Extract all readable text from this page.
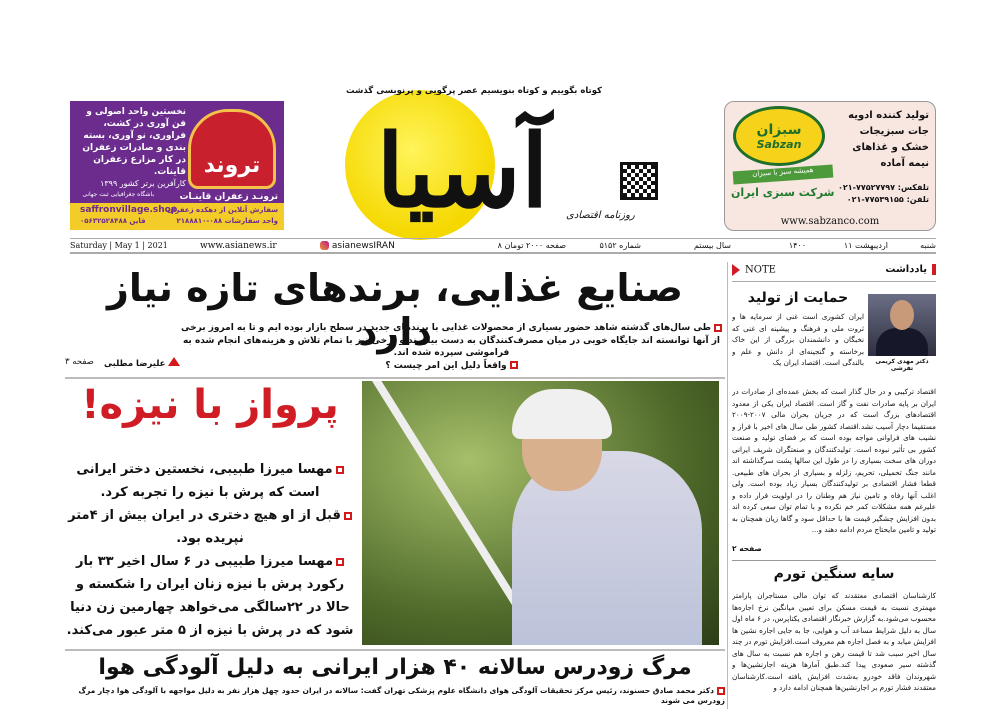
نخستین واحد اصولی و فن آوری در کشت، فراوری، نو آوری، بسته بندی و صادرات زعفران در کار مزارع زعفران قاینات.
کارآفرین برتر کشور ۱۳۹۹
تروند
ترونـد زعفران قاینـات
باشگاه جغرافیایی ثبت جهانی
سفارش آنلاین از دهکده زعفران
واحد سفارشات ۰۸۸-۲۱۸۸۸۱۰
saffronvillage.shop
قاین ۰۵۶۳۲۵۲۸۴۸۸
تولید کننده ادویه جات سبزیجات خشک و غذاهای نیمه آماده
سبزان
Sabzan
همیشه سبز با سبزان
شرکت سبزی ایران تلفکس: ۷۷۵۲۷۷۹۷-۰۲۱
تلفن: ۷۷۵۳۹۱۵۵-۰۲۱
www.sabzanco.com
آسیا
کوتاه بگوییم و کوتاه بنویسیم عصر پرگویی و پرنویسی گذشت
روزنامه اقتصادی
شنبه
۱۱ اردیبهشت
۱۴۰۰
سال بیستم
شماره ۵۱۵۲
۸ صفحه ۲۰۰۰ تومان
asianewsIRAN
www.asianews.ir
Saturday | May 1 | 2021
صنایع غذایی، برندهای تازه نیاز دارد
طی سال‌های گذشته شاهد حضور بسیاری از محصولات غذایی با برندهای جدید در سطح بازار بوده ایم و تا به امروز برخی از آنها توانسته اند جایگاه خوبی در میان مصرف‌کنندگان به دست بیاورند و برخی نیز با تمام تلاش و هزینه‌های انجام شده به فراموشی سپرده شده اند.
واقعاً دلیل این امر چیست ؟
علیرضا مطلبی
صفحه ۳
پرواز با نیزه!
مهسا میرزا طبیبی، نخستین دختر ایرانی است که پرش با نیزه را تجربه کرد.
قبل از او هیچ دختری در ایران بیش از ۴متر نپریده بود.
مهسا میرزا طبیبی در ۶ سال اخیر ۳۳ بار رکورد پرش با نیزه زنان ایران را شکسته و حالا در ۲۲سالگی می‌خواهد چهارمین زن دنیا شود که در پرش با نیزه از ۵ متر عبور می‌کند.
مرگ زودرس سالانه ۴۰ هزار ایرانی به دلیل آلودگی هوا
دکتر محمد صادق حسنوند، رئیس مرکز تحقیقات آلودگی هوای دانشگاه علوم پزشکی تهران گفت: سالانه در ایران حدود چهل هزار نفر به دلیل مواجهه با آلودگی هوا دچار مرگ زودرس می شوند
یادداشت
NOTE
حمایت از تولید
دکتر مهدی کریمی تفرشی
ایران کشوری است غنی از سرمایه ها و ثروت ملی و فرهنگ و پیشینه ای غنی که نخبگان و دانشمندان بزرگی از این خاک برخاسته و گنجینه‌ای از دانش و علم و بالندگی است. اقتصاد ایران یک
اقتصاد ترکیبی و در حال گذار است که بخش عمده‌ای از صادرات در ایران بر پایه صادرات نفت و گاز است. اقتصاد ایران یکی از معدود اقتصادهای بزرگ است که در جریان بحران مالی ۲۰۰۷-۲۰۰۹ مستقیما دچار آسیب نشد.اقتصاد کشور طی سال های اخیر با فراز و نشیب های فراوانی مواجه بوده است که بر فضای تولید و صنعت کشور بی تأثیر نبوده است. تولیدکنندگان و صنعتگران شریف ایرانی دوران های سخت بسیاری را در طول این سالها پشت سرگذاشته اند مانند جنگ تحمیلی، تحریم، زلزله و بسیاری از بحران های طبیعی. قطعا فشار اقتصادی بر تولیدکنندگان بسیار زیاد بوده است. ولی اغلب آنها رفاه و تامین نیاز هم وطنان را در اولویت قرار داده و علیرغم همه مشکلات کمر خم نکرده و با تمام توان سعی کرده اند بدون افزایش چشگیر قیمت ها با حداقل سود و گاها زیان همچنان به تولید و تامین مایحتاج مردم ادامه دهند و...
صفحه ۲
سایه سنگین تورم
کارشناسان اقتصادی معتقدند که توان مالی مستاجران پارامتر مهمتری نسبت به قیمت مسکن برای تعیین میانگین نرخ اجاره‌ها محسوب می‌شود.به گزارش خبرنگار اقتصادی یکتاپرس، در ۶ ماه اول سال به دلیل شرایط مساعد آب و هوایی، جا به جایی اجاره نشین ها افزایش میابد و به فصل اجاره هم معروف است.افزایش تورم در چند سال اخیر سبب شد تا قیمت رهن و اجاره هم نسبت به سال های گذشته سیر صعودی پیدا کند.طبق آمارها هزینه اجارنشین‌ها و شهروندان فاقد خودرو به‌شدت افزایش یافته است.کارشناسان معتقدند فشار تورم بر اجارنشین‌ها همچنان ادامه دارد و
